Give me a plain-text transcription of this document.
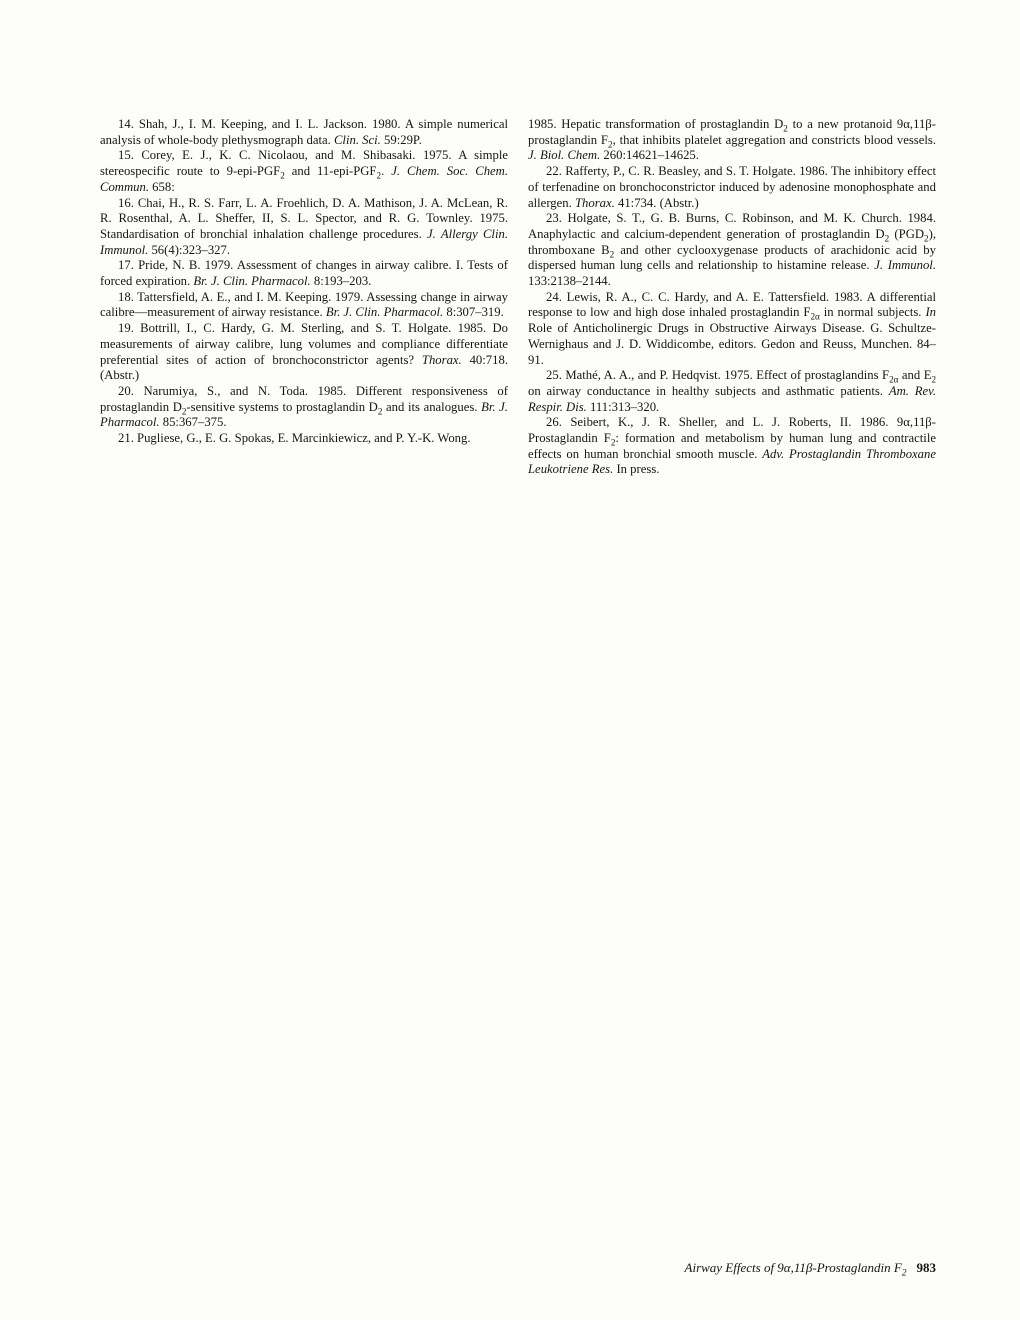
14. Shah, J., I. M. Keeping, and I. L. Jackson. 1980. A simple numerical analysis of whole-body plethysmograph data. Clin. Sci. 59:29P.

15. Corey, E. J., K. C. Nicolaou, and M. Shibasaki. 1975. A simple stereospecific route to $9-epi-PGF_2$ and $11-epi-PGF_2$. J. Chem. Soc. Chem. Commun. 658:

16. Chai, H., R. S. Farr, L. A. Froehlich, D. A. Mathison, J. A. McLean, R. R. Rosenthal, A. L. Sheffer, II, S. L. Spector, and R. G. Townley. 1975. Standardisation of bronchial inhalation challenge procedures. J. Allergy Clin. Immunol. 56(4):323–327.

17. Pride, N. B. 1979. Assessment of changes in airway calibre. I. Tests of forced expiration. Br. J. Clin. Pharmacol. 8:193–203.

18. Tattersfield, A. E., and I. M. Keeping. 1979. Assessing change in airway calibre—measurement of airway resistance. Br. J. Clin. Pharmacol. 8:307–319.

19. Bottrill, I., C. Hardy, G. M. Sterling, and S. T. Holgate. 1985. Do measurements of airway calibre, lung volumes and compliance differentiate preferential sites of action of bronchoconstrictor agents? Thorax. 40:718. (Abstr.)

20. Narumiya, S., and N. Toda. 1985. Different responsiveness of prostaglandin $D_2$-sensitive systems to prostaglandin $D_2$ and its analogues. Br. J. Pharmacol. 85:367–375.

21. Pugliese, G., E. G. Spokas, E. Marcinkiewicz, and P. Y.-K. Wong.

1985. Hepatic transformation of prostaglandin $D_2$ to a new protanoid 9α,11β-prostaglandin $F_2$, that inhibits platelet aggregation and constricts blood vessels. J. Biol. Chem. 260:14621–14625.

22. Rafferty, P., C. R. Beasley, and S. T. Holgate. 1986. The inhibitory effect of terfenadine on bronchoconstrictor induced by adenosine monophosphate and allergen. Thorax. 41:734. (Abstr.)

23. Holgate, S. T., G. B. Burns, C. Robinson, and M. K. Church. 1984. Anaphylactic and calcium-dependent generation of prostaglandin $D_2$ $(PGD_2)$, thromboxane $B_2$ and other cyclooxygenase products of arachidonic acid by dispersed human lung cells and relationship to histamine release. J. Immunol. 133:2138–2144.

24. Lewis, R. A., C. C. Hardy, and A. E. Tattersfield. 1983. A differential response to low and high dose inhaled prostaglandin $F_{2\alpha}$ in normal subjects. In Role of Anticholinergic Drugs in Obstructive Airways Disease. G. Schultze-Wernighaus and J. D. Widdicombe, editors. Gedon and Reuss, Munchen. 84–91.

25. Mathé, A. A., and P. Hedqvist. 1975. Effect of prostaglandins $F_{2\alpha}$ and $E_2$ on airway conductance in healthy subjects and asthmatic patients. Am. Rev. Respir. Dis. 111:313–320.

26. Seibert, K., J. R. Sheller, and L. J. Roberts, II. 1986. 9α,11β-Prostaglandin $F_2$: formation and metabolism by human lung and contractile effects on human bronchial smooth muscle. Adv. Prostaglandin Thromboxane Leukotriene Res. In press.

Airway Effects of 9α,11β-Prostaglandin $F_2$ 983
